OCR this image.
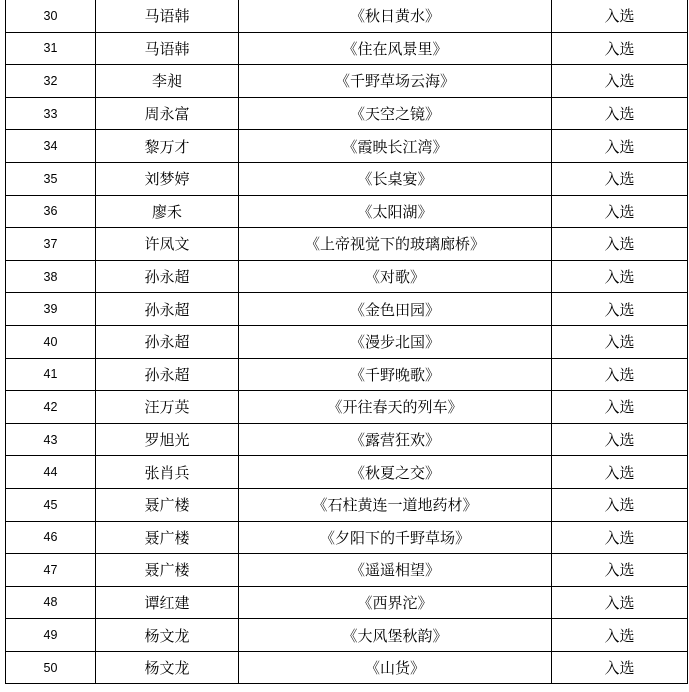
30	马语韩	《秋日黄水》	入选
31	马语韩	《住在风景里》	入选
32	李昶	《千野草场云海》	入选
33	周永富	《天空之镜》	入选
34	黎万才	《霞映长江湾》	入选
35	刘梦婷	《长桌宴》	入选
36	廖禾	《太阳湖》	入选
37	许凤文	《上帝视觉下的玻璃廊桥》	入选
38	孙永超	《对歌》	入选
39	孙永超	《金色田园》	入选
40	孙永超	《漫步北国》	入选
41	孙永超	《千野晚歌》	入选
42	汪万英	《开往春天的列车》	入选
43	罗旭光	《露营狂欢》	入选
44	张肖兵	《秋夏之交》	入选
45	聂广楼	《石柱黄连一道地药材》	入选
46	聂广楼	《夕阳下的千野草场》	入选
47	聂广楼	《遥遥相望》	入选
48	谭红建	《西界沱》	入选
49	杨文龙	《大风堡秋韵》	入选
50	杨文龙	《山货》	入选
